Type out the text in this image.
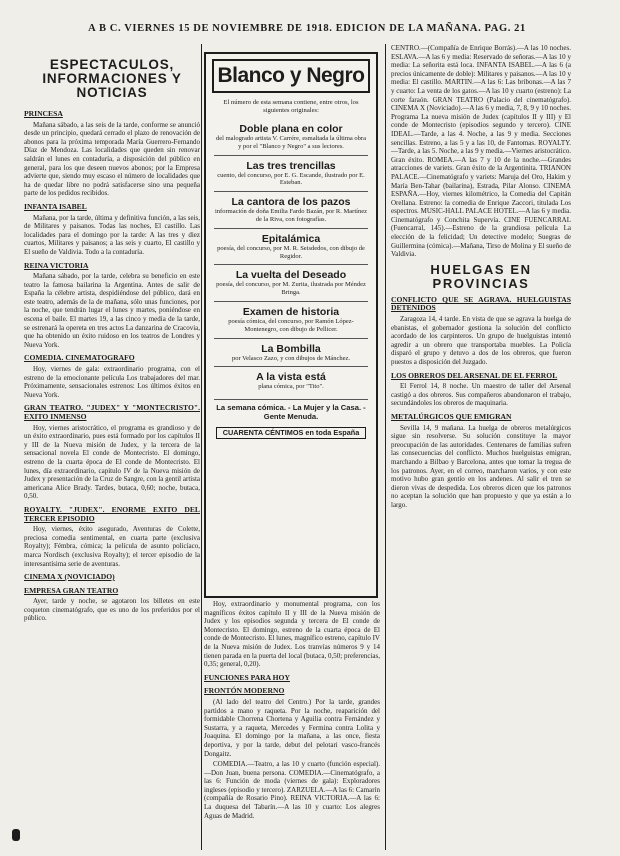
A B C. VIERNES 15 DE NOVIEMBRE DE 1918. EDICION DE LA MAÑANA. PAG. 21
ESPECTACULOS, INFORMACIONES Y NOTICIAS
PRINCESA

Mañana sábado, a las seis de la tarde, conforme se anunció desde un principio, quedará cerrado el plazo de renovación de abonos para la próxima temporada María Guerrero-Fernando Díaz de Mendoza. Las localidades que queden sin renovar saldrán el lunes en contaduría, a disposición del público en general, para los que deseen nuevos abonos; por la Empresa advierte que, siendo muy escaso el número de localidades que ha de quedar libre no podrá satisfacerse sino una pequeña parte de los pedidos recibidos.

INFANTA ISABEL

Mañana, por la tarde, última y definitiva función, a las seis, de Militares y paisanos. Todas las noches, El castillo. Las localidades para el domingo por la tarde: A las tres y diez cuartos, Militares y paisanos; a las seis y cuarto, El castillo y El sueño de Valdivia. Todo a la contaduría.

REINA VICTORIA

Mañana sábado, por la tarde, celebra su beneficio en este teatro la famosa bailarina la Argentina. Antes de salir de España la célebre artista, despidiéndose del público, dará en este teatro, además de la de mañana, sólo unas funciones, por la noche, que tendrán lugar el lunes y martes, poniéndose en escena el baile. El martes 19, a las cinco y media de la tarde, se estrenará la opereta en tres actos La danzarina de Cracovia, que ha obtenido un éxito ruidoso en los teatros de Londres y Nueva York.

COMEDIA. CINEMATOGRAFO

Hoy, viernes de gala: extraordinario programa, con el estreno de la emocionante película Los trabajadores del mar. Próximamente, sensacionales estrenos: Los últimos éxitos en Nueva York.

GRAN TEATRO. "JUDEX" Y "MONTECRISTO". EXITO INMENSO

Hoy, viernes aristocrático, el programa es grandioso y de un éxito extraordinario, pues está formado por los capítulos II y III de la Nueva misión de Judex, y la tercera de la sensacional novela El conde de Montecristo. El domingo, estreno de la cuarta época de El conde de Montecristo. El lunes, día extraordinario, capítulo IV de la Nueva misión de Judex y presentación de la Cruz de Sangre, con la gentil artista americana Alice Brady. Tardes, butaca, 0,60; noche, butaca, 0,50.

ROYALTY. "JUDEX". ENORME EXITO DEL TERCER EPISODIO

Hoy, viernes, éxito asegurado, Aventuras de Colette, preciosa comedia sentimental, en cuarta parte (exclusiva Royalty); Fémbra, cómica; la película de asunto policíaco, marca Nordisch (exclusiva Royalty); el tercer episodio de la interesantísima serie de aventuras.

CINEMA X (NOVICIADO)

EMPRESA GRAN TEATRO

Ayer, tarde y noche, se agotaron los billetes en este coqueton cinematógrafo, que es uno de los preferidos por el público.

Blanco y Negro
El número de esta semana contiene, entre otros, los siguientes originales:
Doble plana en color
del malogrado artista V. Carrére, esmaltada la última obra y por el "Blanco y Negro" a sus lectores.
Las tres trencillas
cuento, del concurso, por E. G. Escande, ilustrado por E. Esteban.
La cantora de los pazos
información de doña Emilia Fardo Bazán, por R. Martínez de la Riva, con fotografías.
Epitalámica
poesía, del concurso, por M. R. Seisdedos, con dibujo de Regidor.
La vuelta del Deseado
poesía, del concurso, por M. Zurita, ilustrada por Méndez Bringa.
Examen de historia
poesía cómica, del concurso, por Ramón López-Montenegro, con dibujo de Pellicer.
La Bombilla
por Velasco Zazo, y con dibujos de Mánchez.
A la vista está
plana cómica, por "Tito".
La semana cómica. - La Mujer y la Casa. - Gente Menuda.
CUARENTA CÉNTIMOS en toda España

Hoy, extraordinario y monumental programa, con los magníficos éxitos capítulo II y III de la Nueva misión de Judex y los episodios segunda y tercera de El conde de Montecristo. El domingo, estreno de la cuarta época de El conde de Montecristo. El lunes, magnífico estreno, capítulo IV de la Nueva misión de Judex. Los tranvías números 9 y 14 tienen parada en la puerta del local (butaca, 0,50; preferencias, 0,35; general, 0,20).

FUNCIONES PARA HOY
FRONTÓN MODERNO

(Al lado del teatro del Centro.) Por la tarde, grandes partidos a mano y raqueta. Por la noche, reaparición del formidable Chorrena Chortena y Aguilia contra Fernández y Sustarra, y a raqueta, Mercedes y Fermina contra Lolita y Joaquina. El domingo por la mañana, a las once, fiesta deportiva, y por la tarde, debut del pelotari vasco-francés Dongaitz.

COMEDIA.—Teatro, a las 10 y cuarto (función especial).—Don Juan, buena persona. COMEDIA.—Cinematógrafo, a las 6: Función de moda (viernes de gala): Exploradores ingleses (episodio y tercero). ZARZUELA.—A las 6: Camarín (compañía de Rosario Pino). REINA VICTORIA.—A las 6: La duquesa del Tabarín.—A las 10 y cuarto: Los alegres Aguas de Madrid.

CENTRO.—(Compañía de Enrique Borrás).—A las 10 noches. ESLAVA.—A las 6 y media: Reservado de señoras.—A las 10 y media: La señorita está loca. INFANTA ISABEL.—A las 6 (a precios únicamente de doble): Militares y paisanos.—A las 10 y media: El castillo. MARTIN.—A las 6: Las bribonas.—A las 7 y cuarto: La venta de los gatos.—A las 10 y cuarto (estreno): La corte faraón. GRAN TEATRO (Palacio del cinematógrafo). CINEMA X (Noviciado).—A las 6 y media, 7, 8, 9 y 10 noches. Programa La nueva misión de Judex (capítulos II y III) y El conde de Montecristo (episodios segundo y tercero). CINE IDEAL.—Tarde, a las 4. Noche, a las 9 y media. Secciones sencillas. Estreno, a las 5 y a las 10, de Fantomas. ROYALTY.—Tarde, a las 5. Noche, a las 9 y media.—Viernes aristocrático. Gran éxito. ROMEA.—A las 7 y 10 de la noche.—Grandes atracciones de variets. Gran éxito de la Argentinita. TRIANON PALACE.—Cinematógrafo y variets: Maruja del Oro, Hakim y María Ben-Tahar (bailarina), Estrada, Pilar Alonso. CINEMA ESPAÑA.—Hoy, viernes kilométrico, la Comedia del Capitán Orellana. Estreno: la comedia de Enrique Zaccori, titulada Los espectros. MUSIC-HALL PALACE HOTEL.—A las 6 y media. Cinematógrafo y Conchita Supervía. CINE FUENCARRAL (Fuencarral, 145).—Estreno de la grandiosa película La elección de la felicidad; Un detective modelo; Suegras de Guillermina (cómica).—Mañana, Tirso de Molina y El sueño de Valdivia.

HUELGAS EN PROVINCIAS
CONFLICTO QUE SE AGRAVA. HUELGUISTAS DETENIDOS

Zaragoza 14, 4 tarde. En vista de que se agrava la huelga de ebanistas, el gobernador gestiona la solución del conflicto acordado de los carpinteros. Un grupo de huelguistas intentó agredir a un obrero que transportaba muebles. La Policía disparó el grupo y detuvo a dos de los obreros, que fueron puestos a disposición del Juzgado.

LOS OBREROS DEL ARSENAL DE EL FERROL

El Ferrol 14, 8 noche. Un maestro de taller del Arsenal castigó a dos obreros. Sus compañeros abandonaron el trabajo, secundándoles los obreros de maquinaria.

METALÚRGICOS QUE EMIGRAN

Sevilla 14, 9 mañana. La huelga de obreros metalúrgicos sigue sin resolverse. Su solución constituye la mayor preocupación de las autoridades. Centenares de familias sufren las consecuencias del conflicto. Muchos huelguistas emigran, marchando a Bilbao y Barcelona, antes que tomar la tregua de los patronos. Ayer, en el correo, marcharon varios, y con este motivo hubo gran gentío en los andenes. Al salir el tren se dieron vivas de despedida. Los obreros dicen que los patronos no aceptan la solución que han propuesto y que ya están a lo largo.
